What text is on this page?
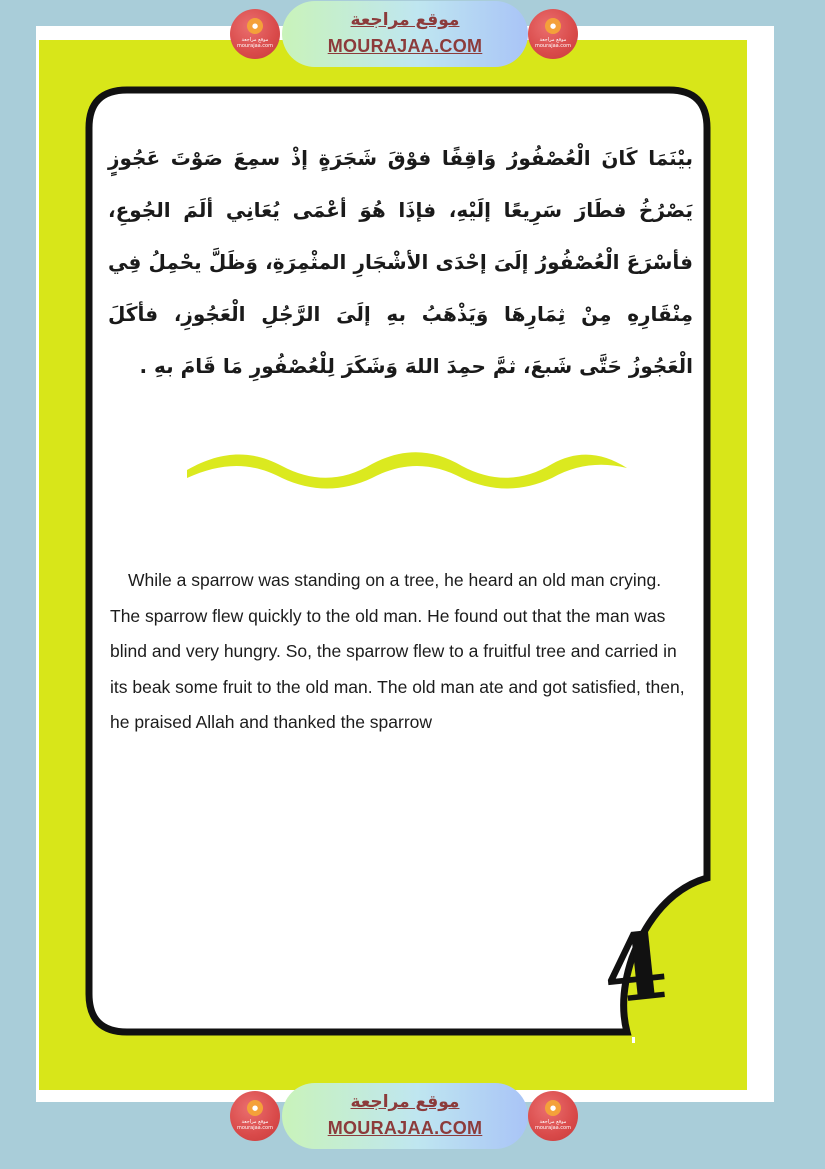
بيْنَمَا كَانَ الْعُصْفُورُ وَاقِفًا فوْقَ شَجَرَةٍ إذْ سمِعَ صَوْتَ عَجُوزٍ يَصْرُخُ فطَارَ سَرِيعًا إلَيْهِ، فإذَا هُوَ أعْمَى يُعَانِي ألَمَ الجُوعِ، فأسْرَعَ الْعُصْفُورُ إلَىَ إحْدَى الأشْجَارِ المثْمِرَةِ، وَظَلَّ يحْمِلُ فِي مِنْقَارِهِ مِنْ ثِمَارِهَا وَيَذْهَبُ بهِ إلَىَ الرَّجُلِ الْعَجُوزِ، فأكَلَ الْعَجُوزُ حَتَّى شَبعَ، ثمَّ حمِدَ اللهَ وَشَكَرَ لِلْعُصْفُورِ مَا قَامَ بهِ .

While a sparrow was standing on a tree, he heard an old man crying. The sparrow flew quickly to the old man. He found out that the man was blind and very hungry. So, the sparrow flew to a fruitful tree and carried in its beak some fruit to the old man. The old man ate and got satisfied, then, he praised Allah and thanked the sparrow

4
●
موقع مراجعة mourajaa.com
موقع مراجعة
MOURAJAA.COM
●
موقع مراجعة mourajaa.com
●
موقع مراجعة mourajaa.com
موقع مراجعة
MOURAJAA.COM
●
موقع مراجعة mourajaa.com
